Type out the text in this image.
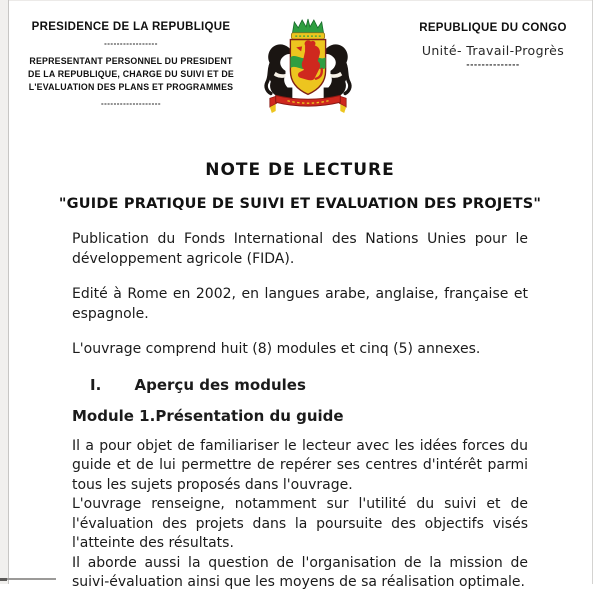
PRESIDENCE DE LA REPUBLIQUE
-----------------
REPRESENTANT PERSONNEL DU PRESIDENT
DE LA REPUBLIQUE, CHARGE DU SUIVI ET DE
L'EVALUATION DES PLANS ET PROGRAMMES
-------------------
REPUBLIQUE DU CONGO
Unité- Travail-Progrès
--------------
NOTE DE LECTURE
"GUIDE PRATIQUE DE SUIVI ET EVALUATION DES PROJETS"

Publication du Fonds International des Nations Unies pour le développement agricole (FIDA).

Edité à Rome en 2002, en langues arabe, anglaise, française et espagnole.

L'ouvrage comprend huit (8) modules et cinq (5) annexes.

I. Aperçu des modules
Module 1.Présentation du guide

Il a pour objet de familiariser le lecteur avec les idées forces du guide et de lui permettre de repérer ses centres d'intérêt parmi tous les sujets proposés dans l'ouvrage.

L'ouvrage renseigne, notamment sur l'utilité du suivi et de l'évaluation des projets dans la poursuite des objectifs visés l'atteinte des résultats.

Il aborde aussi la question de l'organisation de la mission de suivi-évaluation ainsi que les moyens de sa réalisation optimale.
